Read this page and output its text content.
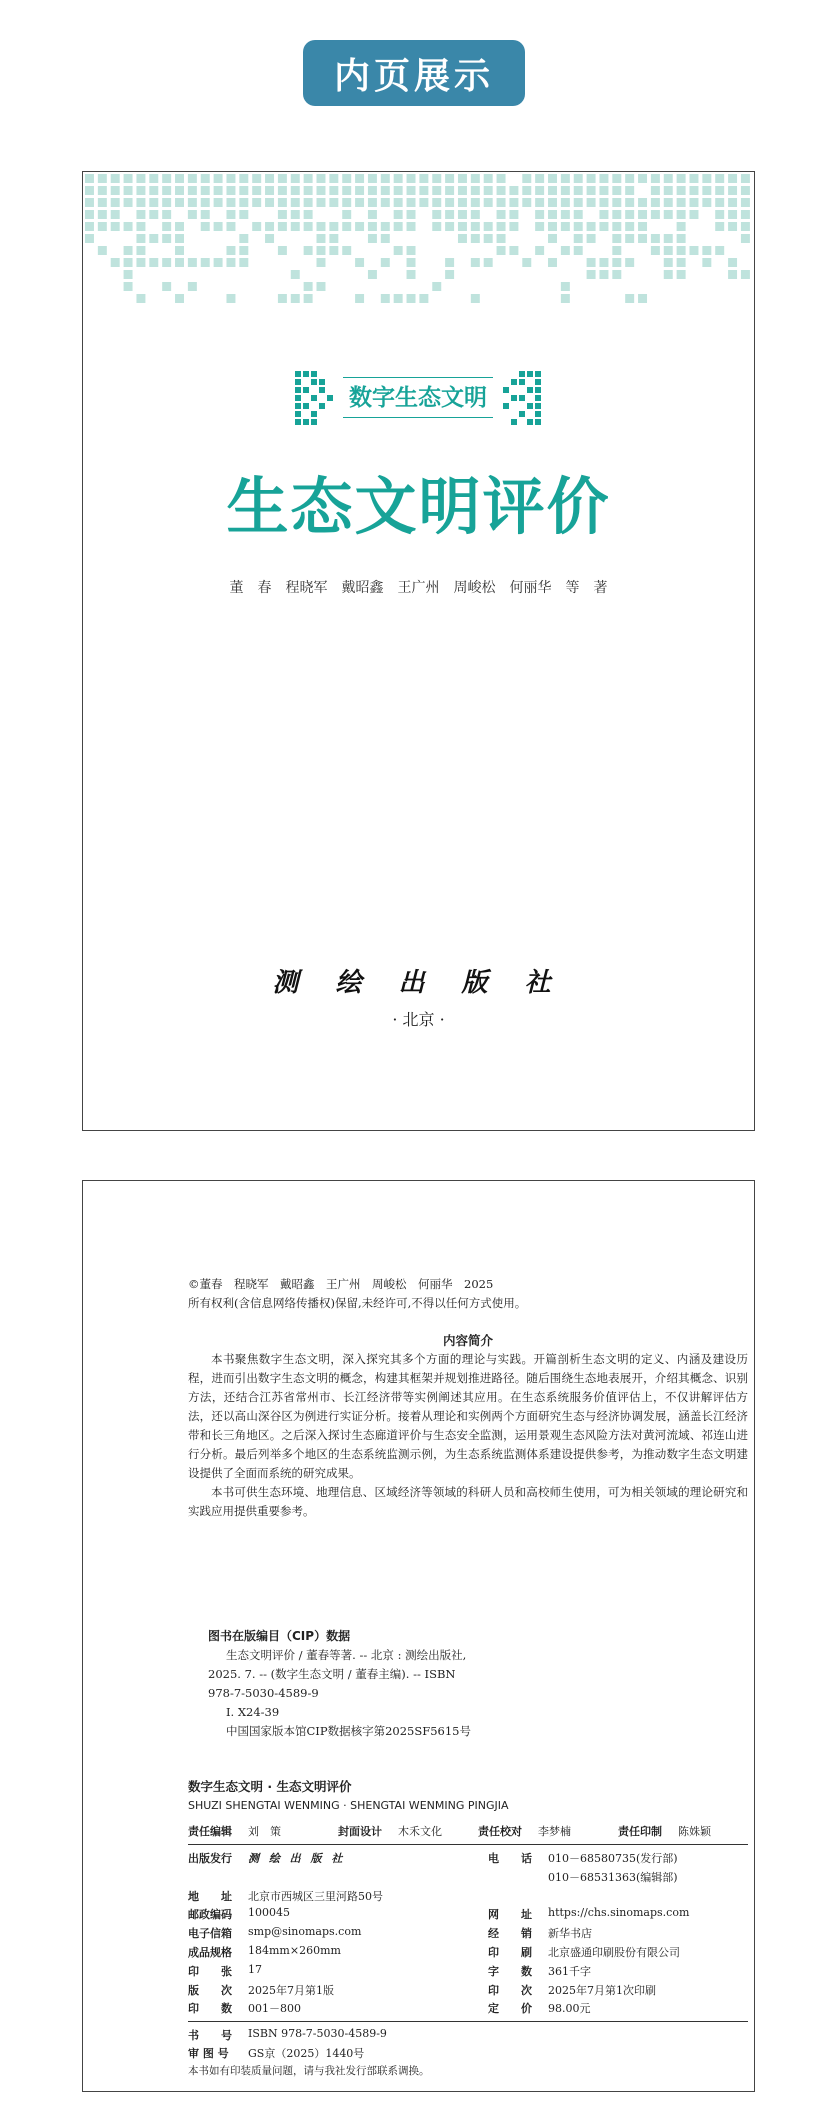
内页展示
数字生态文明
生态文明评价
董　春　程晓军　戴昭鑫　王广州　周峻松　何丽华　等　著
测 绘 出 版 社
· 北京 ·

©董春　程晓军　戴昭鑫　王广州　周峻松　何丽华　2025

所有权利(含信息网络传播权)保留,未经许可,不得以任何方式使用。

内容简介

本书聚焦数字生态文明，深入探究其多个方面的理论与实践。开篇剖析生态文明的定义、内涵及建设历程，进而引出数字生态文明的概念，构建其框架并规划推进路径。随后围绕生态地表展开，介绍其概念、识别方法，还结合江苏省常州市、长江经济带等实例阐述其应用。在生态系统服务价值评估上，不仅讲解评估方法，还以高山深谷区为例进行实证分析。接着从理论和实例两个方面研究生态与经济协调发展，涵盖长江经济带和长三角地区。之后深入探讨生态廊道评价与生态安全监测，运用景观生态风险方法对黄河流域、祁连山进行分析。最后列举多个地区的生态系统监测示例，为生态系统监测体系建设提供参考，为推动数字生态文明建设提供了全面而系统的研究成果。

本书可供生态环境、地理信息、区域经济等领域的科研人员和高校师生使用，可为相关领域的理论研究和实践应用提供重要参考。

图书在版编目（CIP）数据

生态文明评价 / 董春等著. -- 北京 : 测绘出版社,

2025. 7. -- (数字生态文明 / 董春主编). -- ISBN

978-7-5030-4589-9

Ⅰ. X24-39

中国国家版本馆CIP数据核字第2025SF5615号

数字生态文明 · 生态文明评价

SHUZI SHENGTAI WENMING · SHENGTAI WENMING PINGJIA

责任编辑 刘　策	封面设计 木禾文化	责任校对 李梦楠	责任印制 陈姝颖
出版发行 测 绘 出 版 社	电　　话 010－68580735(发行部)
010－68531363(编辑部)
地　　址 北京市西城区三里河路50号
邮政编码 100045	网　　址 https://chs.sinomaps.com
电子信箱 smp@sinomaps.com	经　　销 新华书店
成品规格 184mm×260mm	印　　刷 北京盛通印刷股份有限公司
印　　张 17	字　　数 361千字
版　　次 2025年7月第1版	印　　次 2025年7月第1次印刷
印　　数 001－800	定　　价 98.00元
书　　号 ISBN 978-7-5030-4589-9
审 图 号 GS京（2025）1440号
本书如有印装质量问题，请与我社发行部联系调换。
